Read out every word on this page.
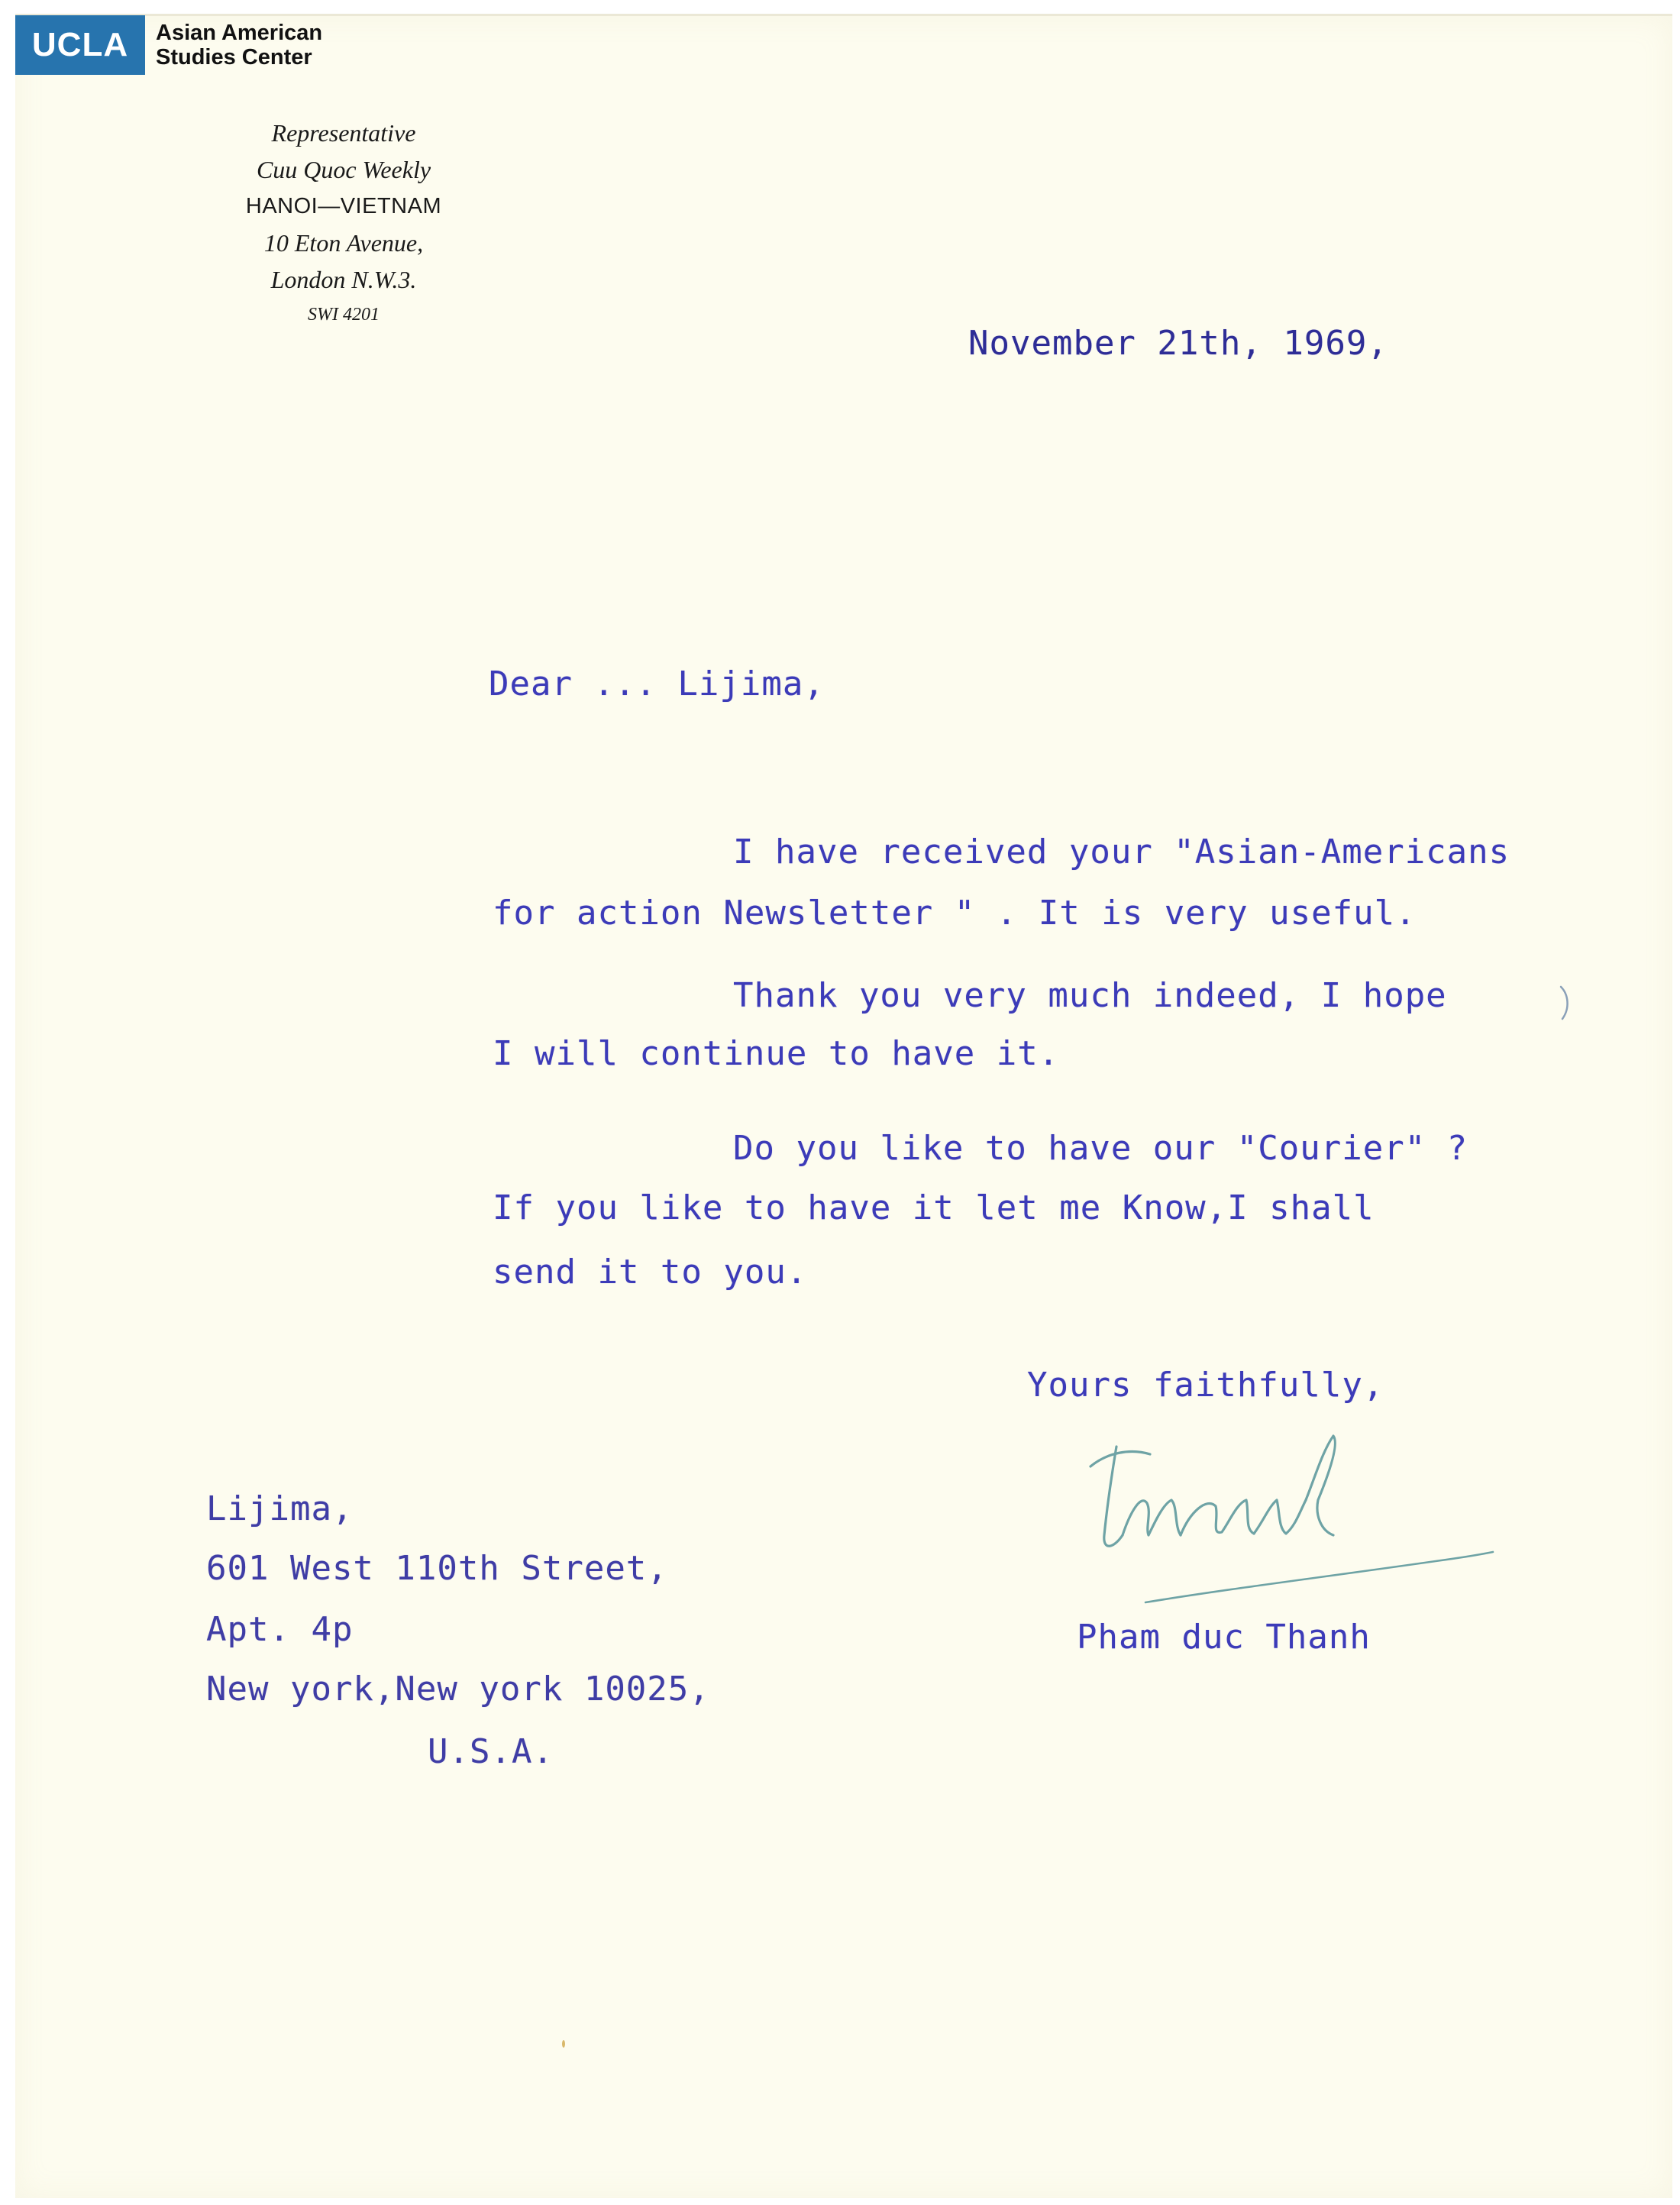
UCLA	Asian American
Studies Center
Representative
Cuu Quoc Weekly
HANOI—VIETNAM
10 Eton Avenue,
London N.W.3.
SWI 4201
November 21th, 1969,
Dear ... Lijima,
I have received your "Asian-Americans
for action Newsletter " . It is very useful.
Thank you very much indeed, I hope
I will continue to have it.
Do you like to have our "Courier" ?
If you like to have it let me Know,I shall
send it to you.
Yours faithfully,
Pham duc Thanh
Lijima,
601 West 110th Street,
Apt. 4p
New york,New york 10025,
U.S.A.
